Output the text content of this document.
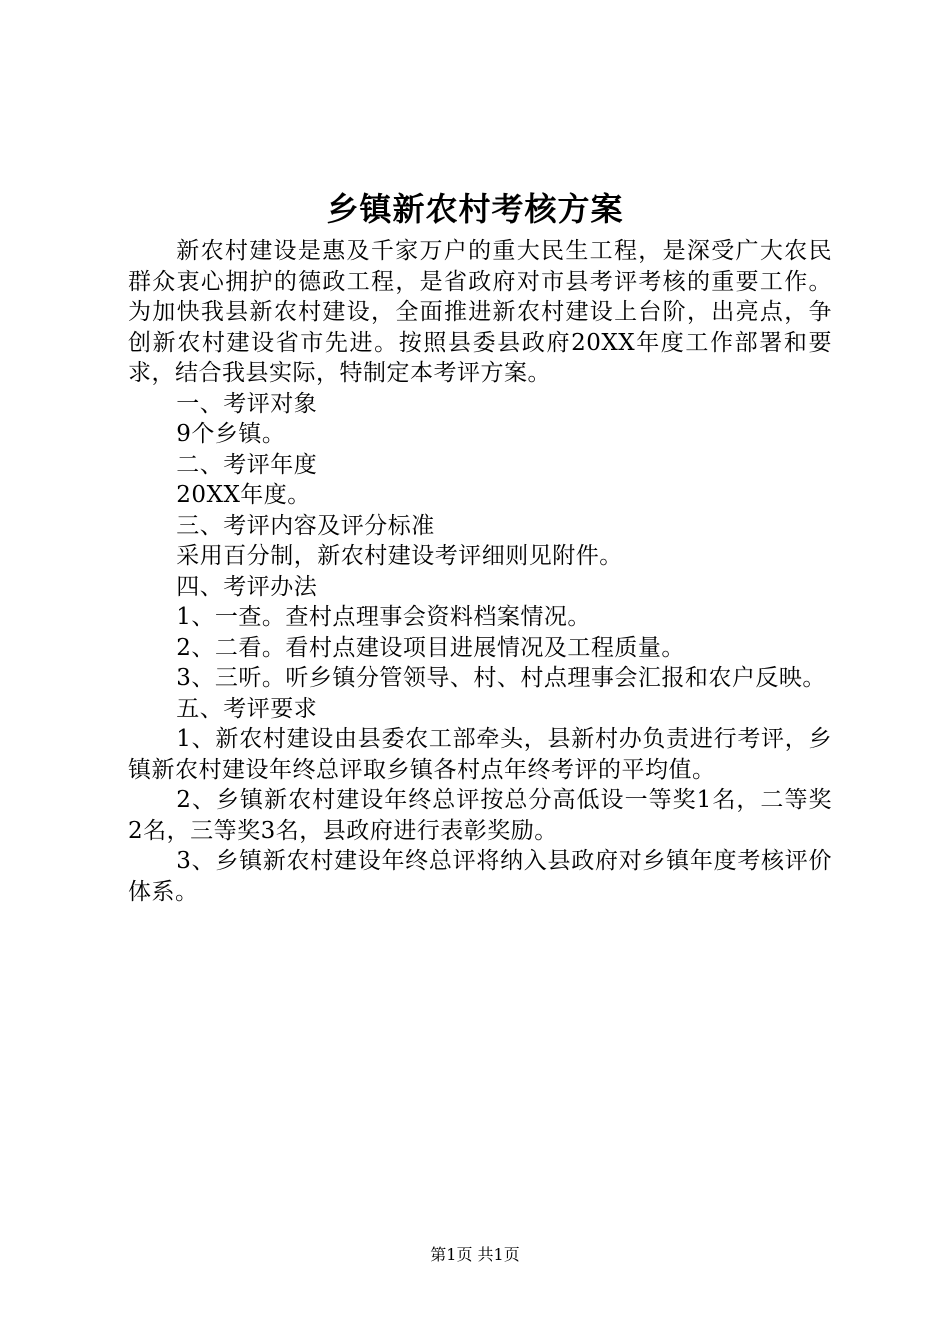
乡镇新农村考核方案

新农村建设是惠及千家万户的重大民生工程，是深受广大农民群众衷心拥护的德政工程，是省政府对市县考评考核的重要工作。为加快我县新农村建设，全面推进新农村建设上台阶，出亮点，争创新农村建设省市先进。按照县委县政府20XX年度工作部署和要求，结合我县实际，特制定本考评方案。

一、考评对象

9个乡镇。

二、考评年度

20XX年度。

三、考评内容及评分标准

采用百分制，新农村建设考评细则见附件。

四、考评办法

1、一查。查村点理事会资料档案情况。

2、二看。看村点建设项目进展情况及工程质量。

3、三听。听乡镇分管领导、村、村点理事会汇报和农户反映。

五、考评要求

1、新农村建设由县委农工部牵头，县新村办负责进行考评，乡镇新农村建设年终总评取乡镇各村点年终考评的平均值。

2、乡镇新农村建设年终总评按总分高低设一等奖1名，二等奖2名，三等奖3名，县政府进行表彰奖励。

3、乡镇新农村建设年终总评将纳入县政府对乡镇年度考核评价体系。

第1页 共1页
